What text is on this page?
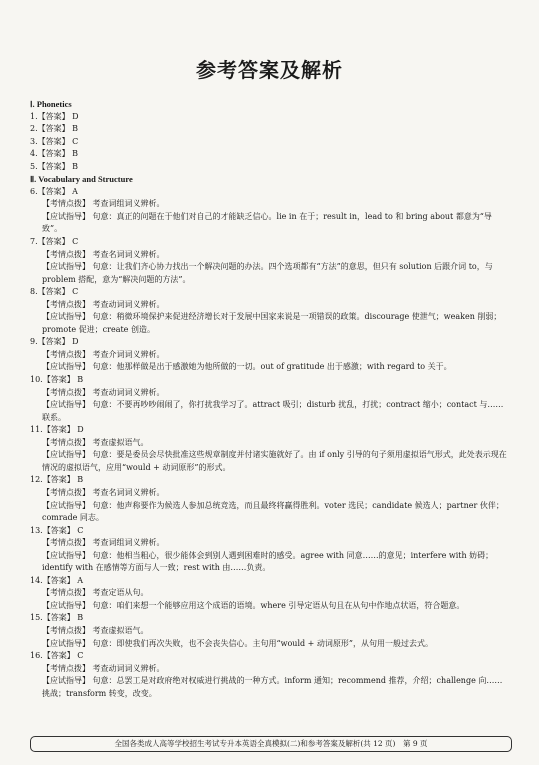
参考答案及解析
Ⅰ. Phonetics
1.【答案】 D
2.【答案】 B
3.【答案】 C
4.【答案】 B
5.【答案】 B
Ⅱ. Vocabulary and Structure
6.【答案】 A
【考情点拨】 考查词组词义辨析。
【应试指导】 句意：真正的问题在于他们对自己的才能缺乏信心。lie in 在于；result in，lead to 和 bring about 都意为“导致”。
7.【答案】 C
【考情点拨】 考查名词词义辨析。
【应试指导】 句意：让我们齐心协力找出一个解决问题的办法。四个选项都有“方法”的意思，但只有 solution 后跟介词 to，与 problem 搭配，意为“解决问题的方法”。
8.【答案】 C
【考情点拨】 考查动词词义辨析。
【应试指导】 句意：稍微环境保护来促进经济增长对于发展中国家来说是一项错误的政策。discourage 使泄气；weaken 削弱；promote 促进；create 创造。
9.【答案】 D
【考情点拨】 考查介词词义辨析。
【应试指导】 句意：他那样做是出于感激她为他所做的一切。out of gratitude 出于感激；with regard to 关于。
10.【答案】 B
【考情点拨】 考查动词词义辨析。
【应试指导】 句意：不要再吵吵闹闹了，你打扰我学习了。attract 吸引；disturb 扰乱，打扰；contract 缩小；contact 与……联系。
11.【答案】 D
【考情点拨】 考查虚拟语气。
【应试指导】 句意：要是委员会尽快批准这些规章制度并付诸实施就好了。由 if only 引导的句子须用虚拟语气形式，此处表示现在情况的虚拟语气，应用“would + 动词原形”的形式。
12.【答案】 B
【考情点拨】 考查名词词义辨析。
【应试指导】 句意：他声称要作为候选人参加总统竞选，而且最终将赢得胜利。voter 选民；candidate 候选人；partner 伙伴；comrade 同志。
13.【答案】 C
【考情点拨】 考查词组词义辨析。
【应试指导】 句意：他相当粗心，很少能体会到别人遇到困难时的感受。agree with 同意……的意见；interfere with 妨碍；identify with 在感情等方面与人一致；rest with 由……负责。
14.【答案】 A
【考情点拨】 考查定语从句。
【应试指导】 句意：咱们来想一个能够应用这个成语的语境。where 引导定语从句且在从句中作地点状语，符合题意。
15.【答案】 B
【考情点拨】 考查虚拟语气。
【应试指导】 句意：即使我们再次失败，也不会丧失信心。主句用“would + 动词原形”，从句用一般过去式。
16.【答案】 C
【考情点拨】 考查动词词义辨析。
【应试指导】 句意：总罢工是对政府绝对权威进行挑战的一种方式。inform 通知；recommend 推荐，介绍；challenge 向……挑战；transform 转变，改变。
全国各类成人高等学校招生考试专升本英语全真模拟(二)和参考答案及解析(共 12 页)　第 9 页
